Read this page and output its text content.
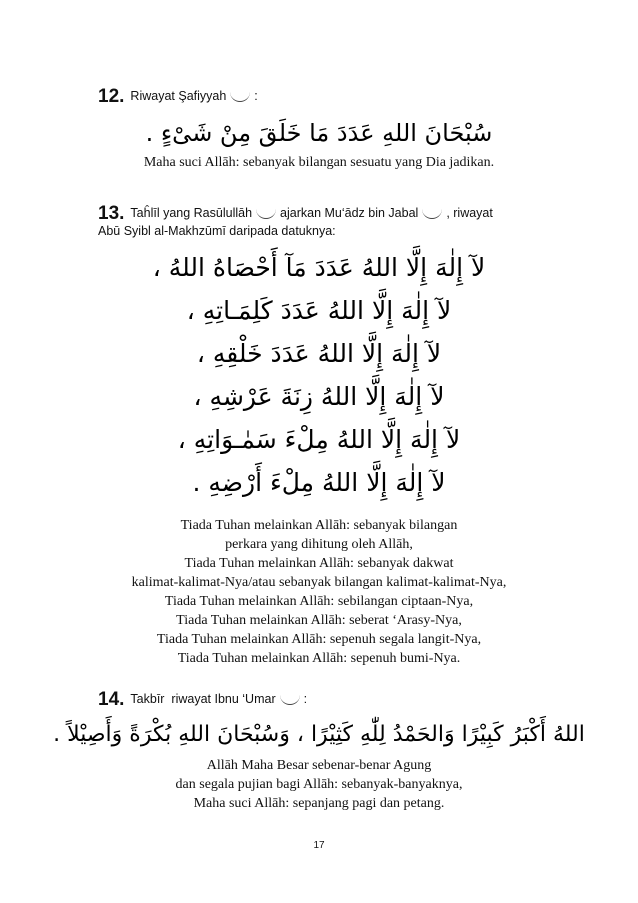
12. Riwayat Şafiyyah :
سُبْحَانَ اللهِ عَدَدَ مَا خَلَقَ مِنْ شَىْءٍ .
Maha suci Allāh: sebanyak bilangan sesuatu yang Dia jadikan.
13. Taĥlīl yang Rasūlullāh ajarkan Mu‘ādz bin Jabal , riwayat
Abū Syibl al-Makhzūmī daripada datuknya:
لآ إِلٰهَ إِلَّا اللهُ عَدَدَ مَآ أَحْصَاهُ اللهُ ،
لآ إِلٰهَ إِلَّا اللهُ عَدَدَ كَلِمَـاتِهِ ،
لآ إِلٰهَ إِلَّا اللهُ عَدَدَ خَلْقِهِ ،
لآ إِلٰهَ إِلَّا اللهُ زِنَةَ عَرْشِهِ ،
لآ إِلٰهَ إِلَّا اللهُ مِلْءَ سَمٰـوَاتِهِ ،
لآ إِلٰهَ إِلَّا اللهُ مِلْءَ أَرْضِهِ .
Tiada Tuhan melainkan Allāh: sebanyak bilangan
perkara yang dihitung oleh Allāh,
Tiada Tuhan melainkan Allāh: sebanyak dakwat
kalimat-kalimat-Nya/atau sebanyak bilangan kalimat-kalimat-Nya,
Tiada Tuhan melainkan Allāh: sebilangan ciptaan-Nya,
Tiada Tuhan melainkan Allāh: seberat ‘Arasy-Nya,
Tiada Tuhan melainkan Allāh: sepenuh segala langit-Nya,
Tiada Tuhan melainkan Allāh: sepenuh bumi-Nya.
14. Takbīr  riwayat Ibnu ‘Umar :
اللهُ أَكْبَرُ كَبِيْرًا وَالحَمْدُ لِلّٰهِ كَثِيْرًا ، وَسُبْحَانَ اللهِ بُكْرَةً وَأَصِيْلاً .
Allāh Maha Besar sebenar-benar Agung
dan segala pujian bagi Allāh: sebanyak-banyaknya,
Maha suci Allāh: sepanjang pagi dan petang.
17
